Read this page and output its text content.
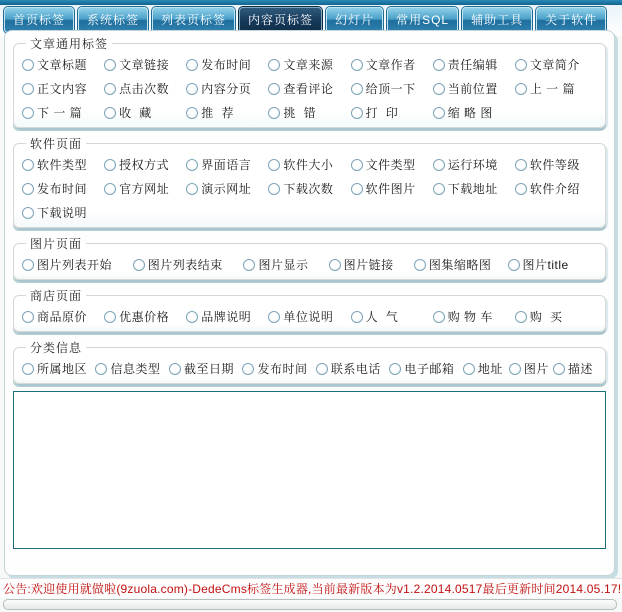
首页标签	系统标签	列表页标签	内容页标签	幻灯片	常用SQL	辅助工具	关于软件
文章通用标签
文章标题	文章链接	发布时间	文章来源	文章作者	责任编辑	文章简介
正文内容	点击次数	内容分页	查看评论	给顶一下	当前位置	上 一 篇
下 一 篇	收  藏	推  荐	挑  错	打  印	缩 略 图
软件页面
软件类型	授权方式	界面语言	软件大小	文件类型	运行环境	软件等级
发布时间	官方网址	演示网址	下载次数	软件图片	下载地址	软件介绍
下载说明
图片页面
图片列表开始	图片列表结束	图片显示	图片链接	图集缩略图	图片title
商店页面
商品原价	优惠价格	品牌说明	单位说明	人  气	购 物 车	购  买
分类信息
所属地区 信息类型 截至日期 发布时间 联系电话 电子邮箱 地址 图片 描述
公告:欢迎使用就做啦(9zuola.com)-DedeCms标签生成器,当前最新版本为v1.2.2014.0517最后更新时间2014.05.17!
